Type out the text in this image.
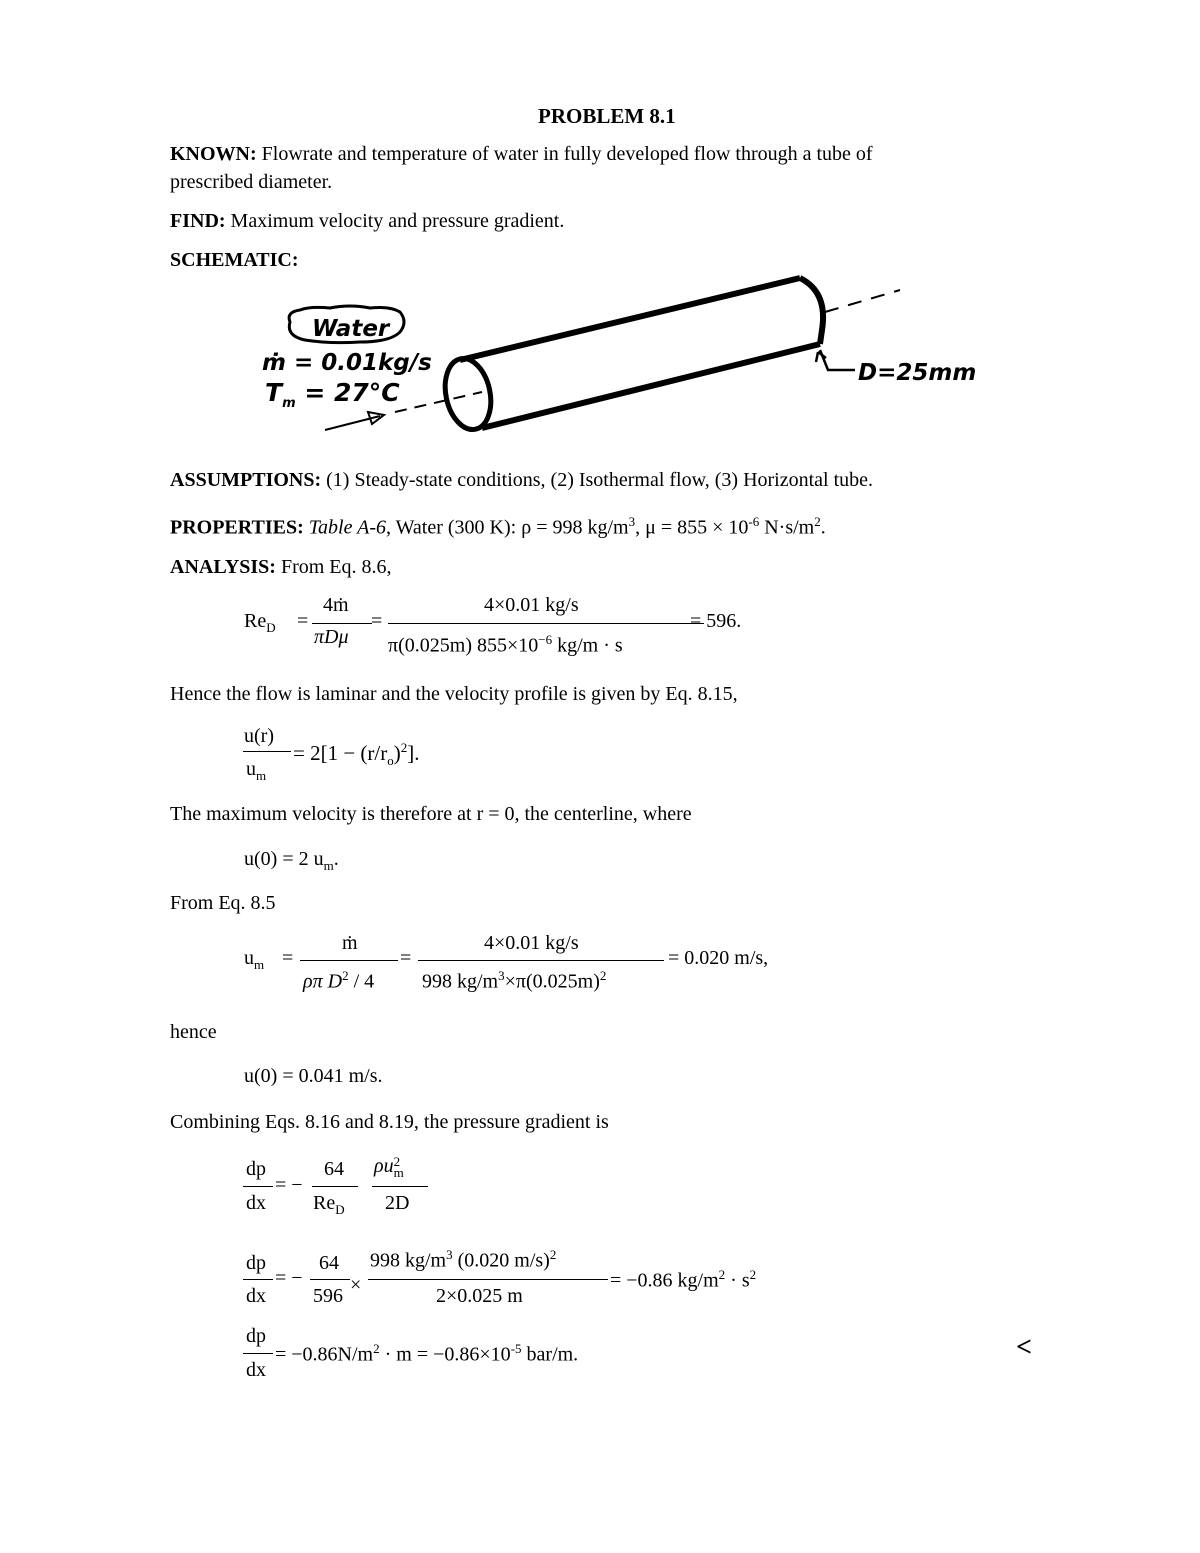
PROBLEM 8.1
KNOWN: Flowrate and temperature of water in fully developed flow through a tube of
prescribed diameter.
FIND: Maximum velocity and pressure gradient.
SCHEMATIC:
Water
ṁ = 0.01kg/s
$T_m = 27^\circ C$
D=25mm
ASSUMPTIONS: (1) Steady-state conditions, (2) Isothermal flow, (3) Horizontal tube.
PROPERTIES: Table A-6, Water (300 K): ρ = 998 $kg/m^3$, $\mu = 855 \times 10^{-6}$ $N\cdot s/m^2$.
ANALYSIS: From Eq. 8.6,
$Re_D$ =
4ṁ
πDμ
=
4×0.01 kg/s
π(0.025m) $855\times 10^{-6}$ kg/m · s
= 596.
Hence the flow is laminar and the velocity profile is given by Eq. 8.15,
u(r)
$u_m$
= $2[1 - (r/r_o)^2]$.
The maximum velocity is therefore at r = 0, the centerline, where
u(0) = 2 $u_m$.
From Eq. 8.5
$u_m$ =
ṁ
ρπ $D^2 / 4$
=
4×0.01 kg/s
998 $kg/m^3\times\pi(0.025m)^2$
= 0.020 m/s,
hence
u(0) = 0.041 m/s.
Combining Eqs. 8.16 and 8.19, the pressure gradient is
dp
dx
= −
64
$Re_D$
ρu 2
m
2D
dp
dx
= −
64
596 ×
998 $kg/m^3$ (0.020 m/s)$^2$
2×0.025 m
= −0.86 $kg/m^2 \cdot s^2$
dp
dx
= $-0.86N/m^2 \cdot m = -0.86\times 10^{-5}$ bar/m.	<
